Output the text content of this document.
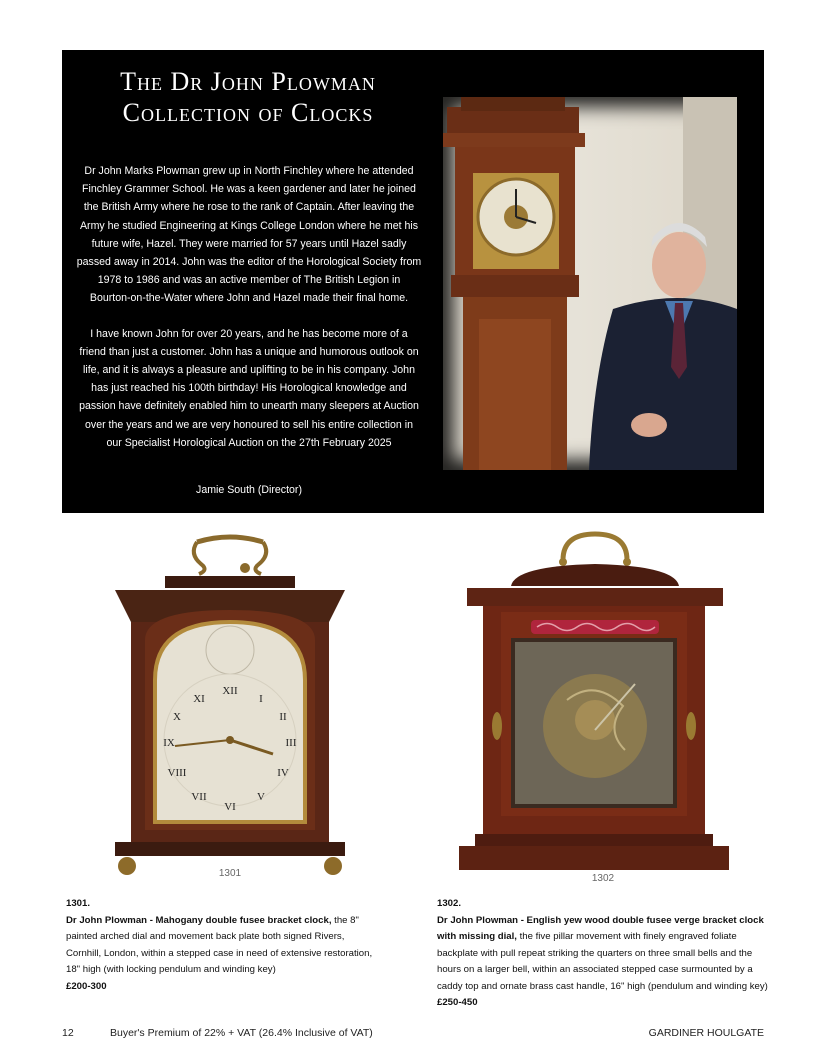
The Dr John Plowman
Collection of Clocks

Dr John Marks Plowman grew up in North Finchley where he attended Finchley Grammer School. He was a keen gardener and later he joined the British Army where he rose to the rank of Captain. After leaving the Army he studied Engineering at Kings College London where he met his future wife, Hazel. They were married for 57 years until Hazel sadly passed away in 2014. John was the editor of the Horological Society from 1978 to 1986 and was an active member of The British Legion in Bourton-on-the-Water where John and Hazel made their final home.

I have known John for over 20 years, and he has become more of a friend than just a customer. John has a unique and humorous outlook on life, and it is always a pleasure and uplifting to be in his company. John has just reached his 100th birthday! His Horological knowledge and passion have definitely enabled him to unearth many sleepers at Auction over the years and we are very honoured to sell his entire collection in our Specialist Horological Auction on the 27th February 2025

Jamie South (Director)
XII
III
VI
IX
I
II
IV
V
VII
VIII
X
XI
1301	1302
1301.
Dr John Plowman - Mahogany double fusee bracket clock, the 8" painted arched dial and movement back plate both signed Rivers, Cornhill, London, within a stepped case in need of extensive restoration, 18" high (with locking pendulum and winding key)
£200-300
1302.
Dr John Plowman - English yew wood double fusee verge bracket clock with missing dial, the five pillar movement with finely engraved foliate backplate with pull repeat striking the quarters on three small bells and the hours on a larger bell, within an associated stepped case surmounted by a caddy top and ornate brass cast handle, 16" high (pendulum and winding key)
£250-450
12	Buyer's Premium of 22% + VAT (26.4% Inclusive of VAT)	GARDINER HOULGATE
